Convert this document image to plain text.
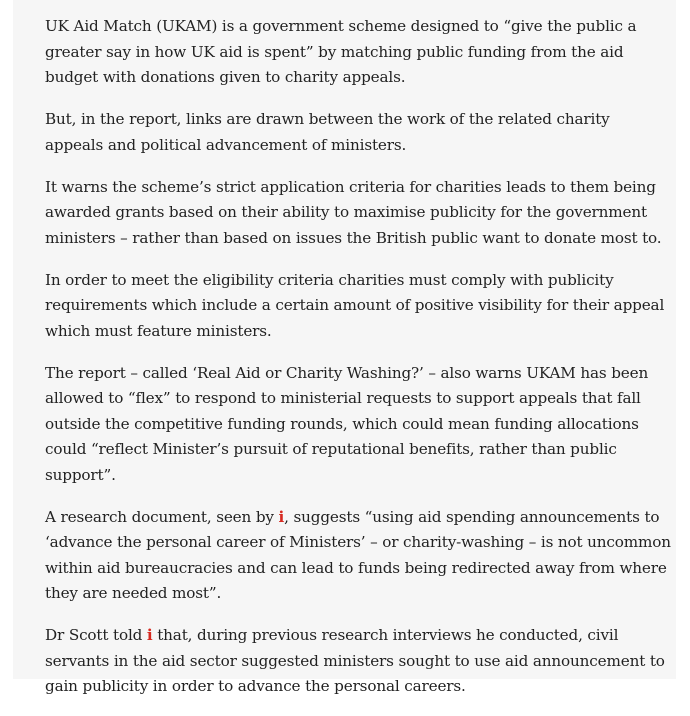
UK Aid Match (UKAM) is a government scheme designed to “give the public a greater say in how UK aid is spent” by matching public funding from the aid budget with donations given to charity appeals.

But, in the report, links are drawn between the work of the related charity appeals and political advancement of ministers.

It warns the scheme’s strict application criteria for charities leads to them being awarded grants based on their ability to maximise publicity for the government ministers – rather than based on issues the British public want to donate most to.

In order to meet the eligibility criteria charities must comply with publicity requirements which include a certain amount of positive visibility for their appeal which must feature ministers.

The report – called ‘Real Aid or Charity Washing?’ – also warns UKAM has been allowed to “flex” to respond to ministerial requests to support appeals that fall outside the competitive funding rounds, which could mean funding allocations could “reflect Minister’s pursuit of reputational benefits, rather than public support”.

A research document, seen by i, suggests “using aid spending announcements to ‘advance the personal career of Ministers’ – or charity-washing – is not uncommon within aid bureaucracies and can lead to funds being redirected away from where they are needed most”.

Dr Scott told i that, during previous research interviews he conducted, civil servants in the aid sector suggested ministers sought to use aid announcement to gain publicity in order to advance the personal careers.
